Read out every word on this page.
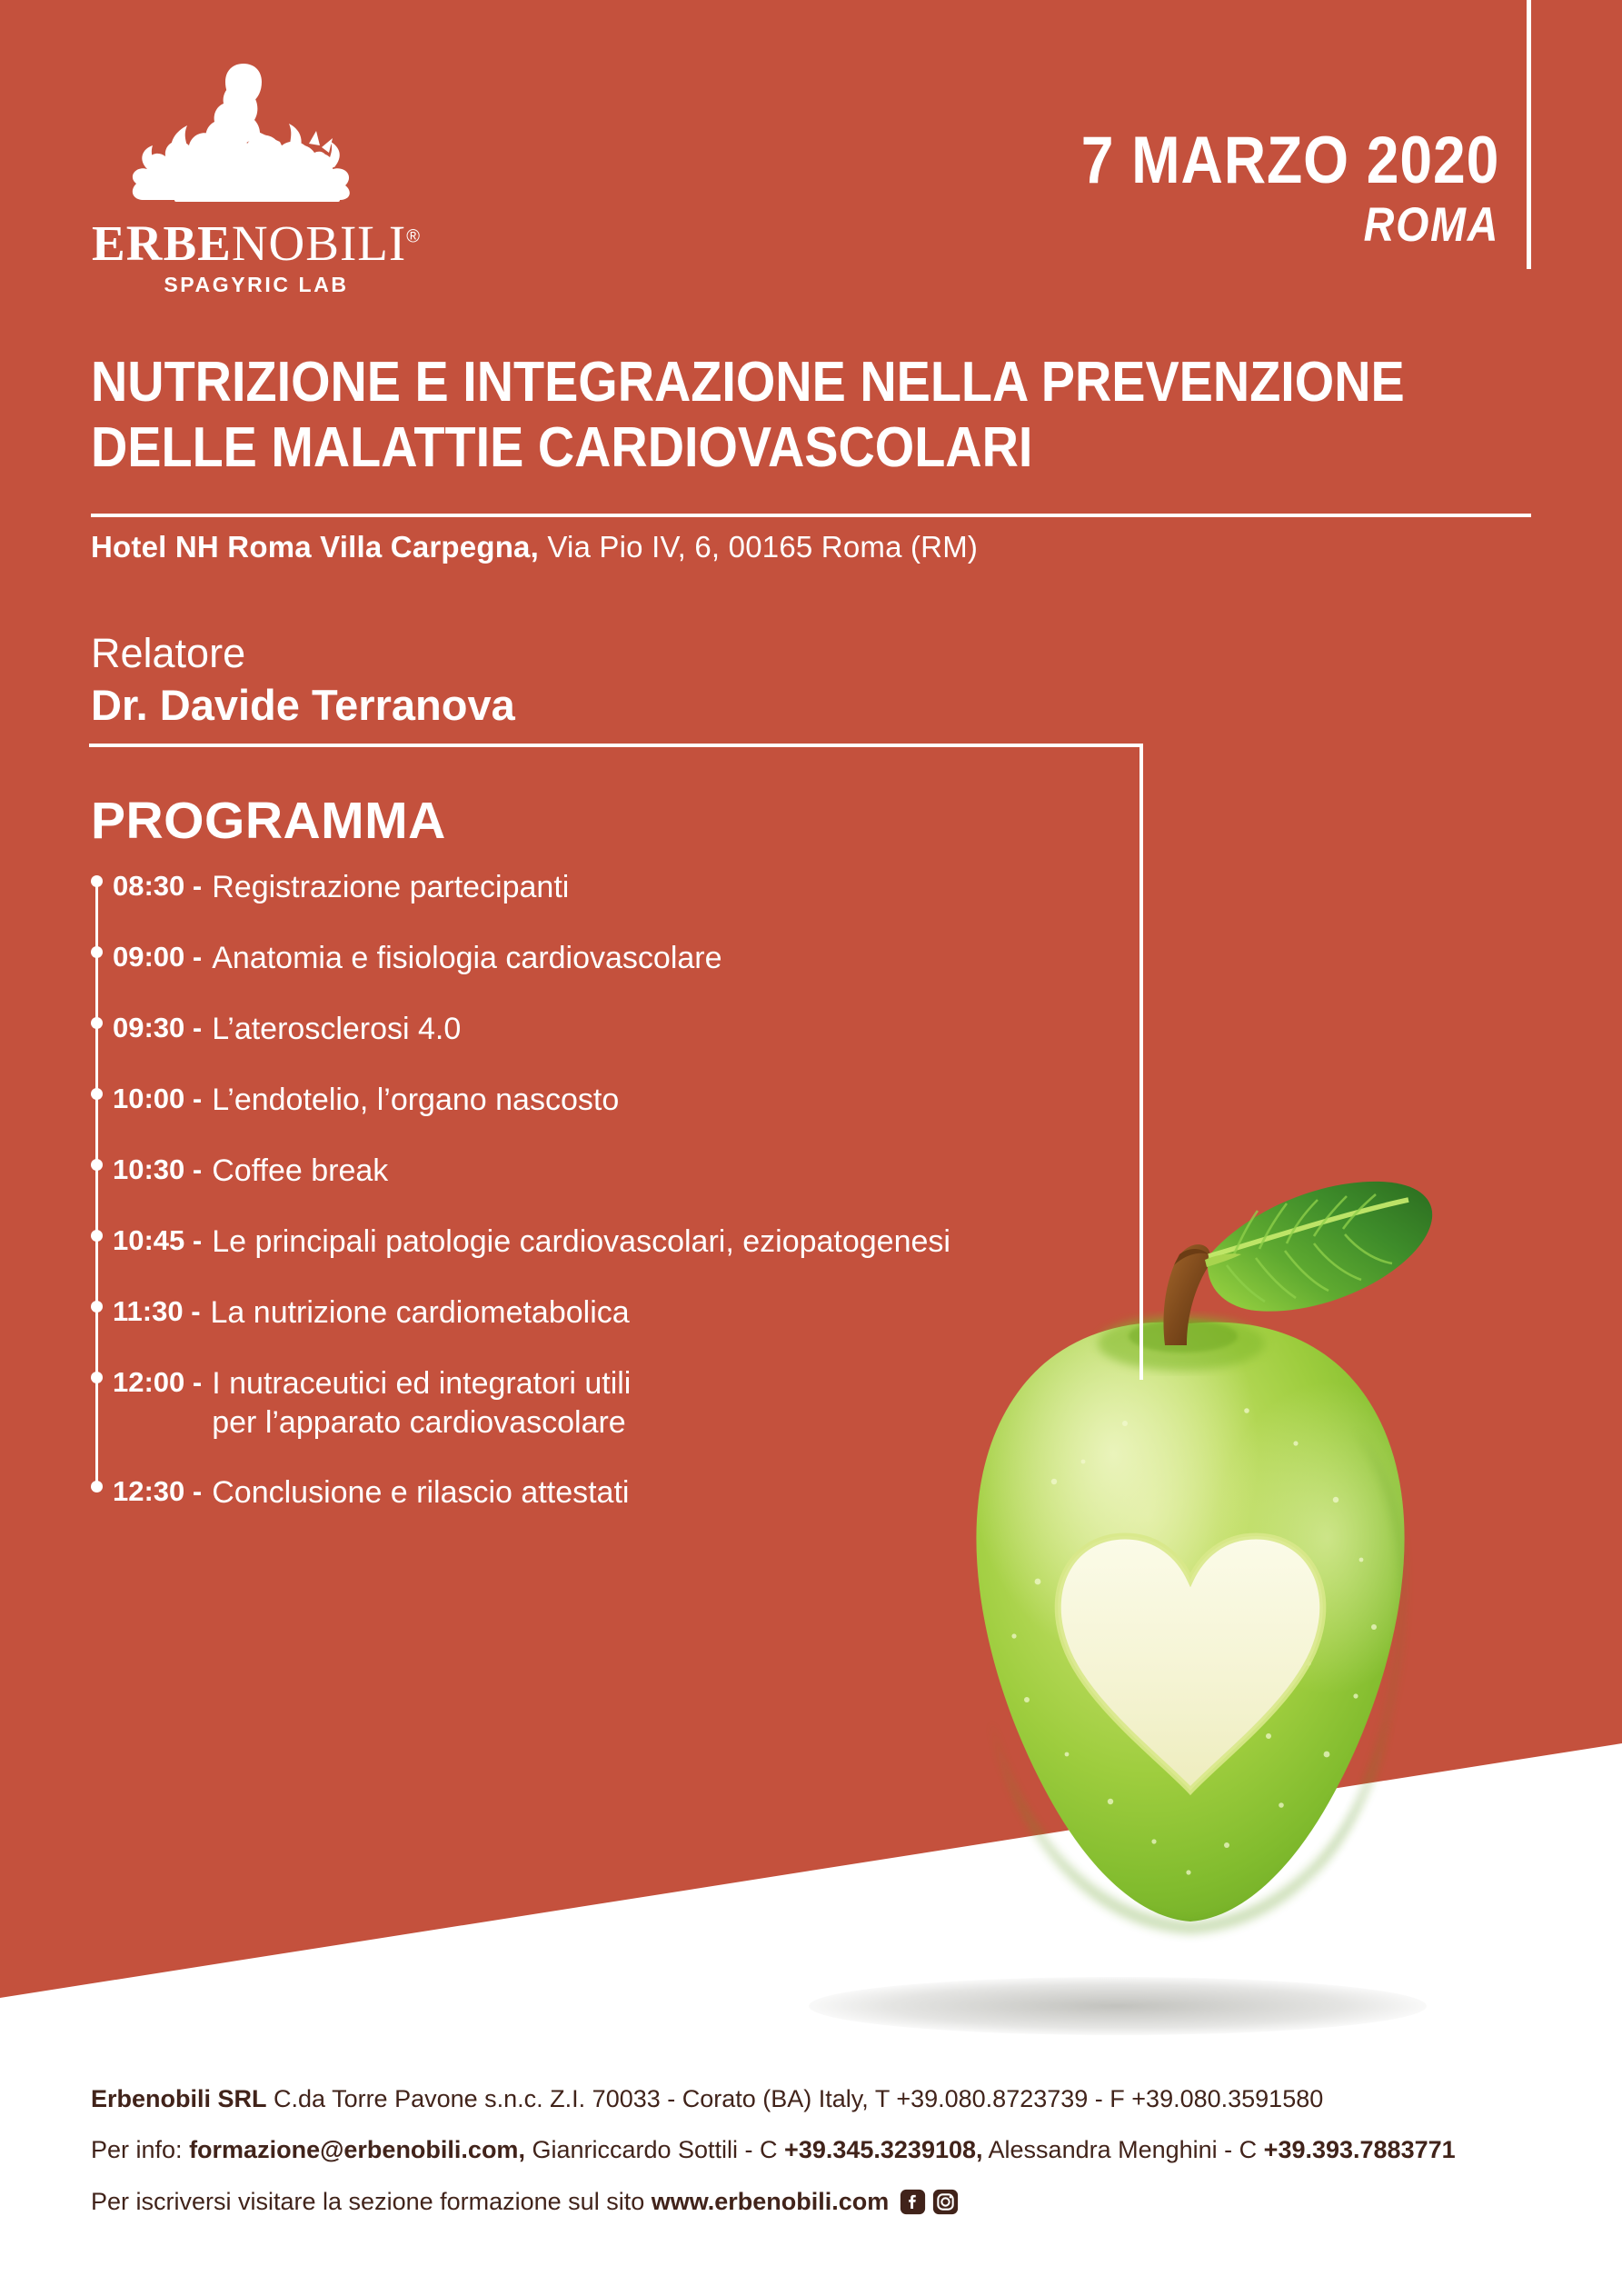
ERBENOBILI®
SPAGYRIC LAB
7 MARZO 2020
ROMA
NUTRIZIONE E INTEGRAZIONE NELLA PREVENZIONE
DELLE MALATTIE CARDIOVASCOLARI
Hotel NH Roma Villa Carpegna, Via Pio IV, 6, 00165 Roma (RM)
Relatore
Dr. Davide Terranova
PROGRAMMA
08:30 - Registrazione partecipanti
09:00 - Anatomia e fisiologia cardiovascolare
09:30 - L’aterosclerosi 4.0
10:00 - L’endotelio, l’organo nascosto
10:30 - Coffee break
10:45 - Le principali patologie cardiovascolari, eziopatogenesi
11:30 - La nutrizione cardiometabolica
12:00 - I nutraceutici ed integratori utili
per l’apparato cardiovascolare
12:30 - Conclusione e rilascio attestati
Erbenobili SRL C.da Torre Pavone s.n.c. Z.I. 70033 - Corato (BA) Italy, T +39.080.8723739 - F +39.080.3591580
Per info: formazione@erbenobili.com, Gianriccardo Sottili - C +39.345.3239108, Alessandra Menghini - C +39.393.7883771
Per iscriversi visitare la sezione formazione sul sito www.erbenobili.com
